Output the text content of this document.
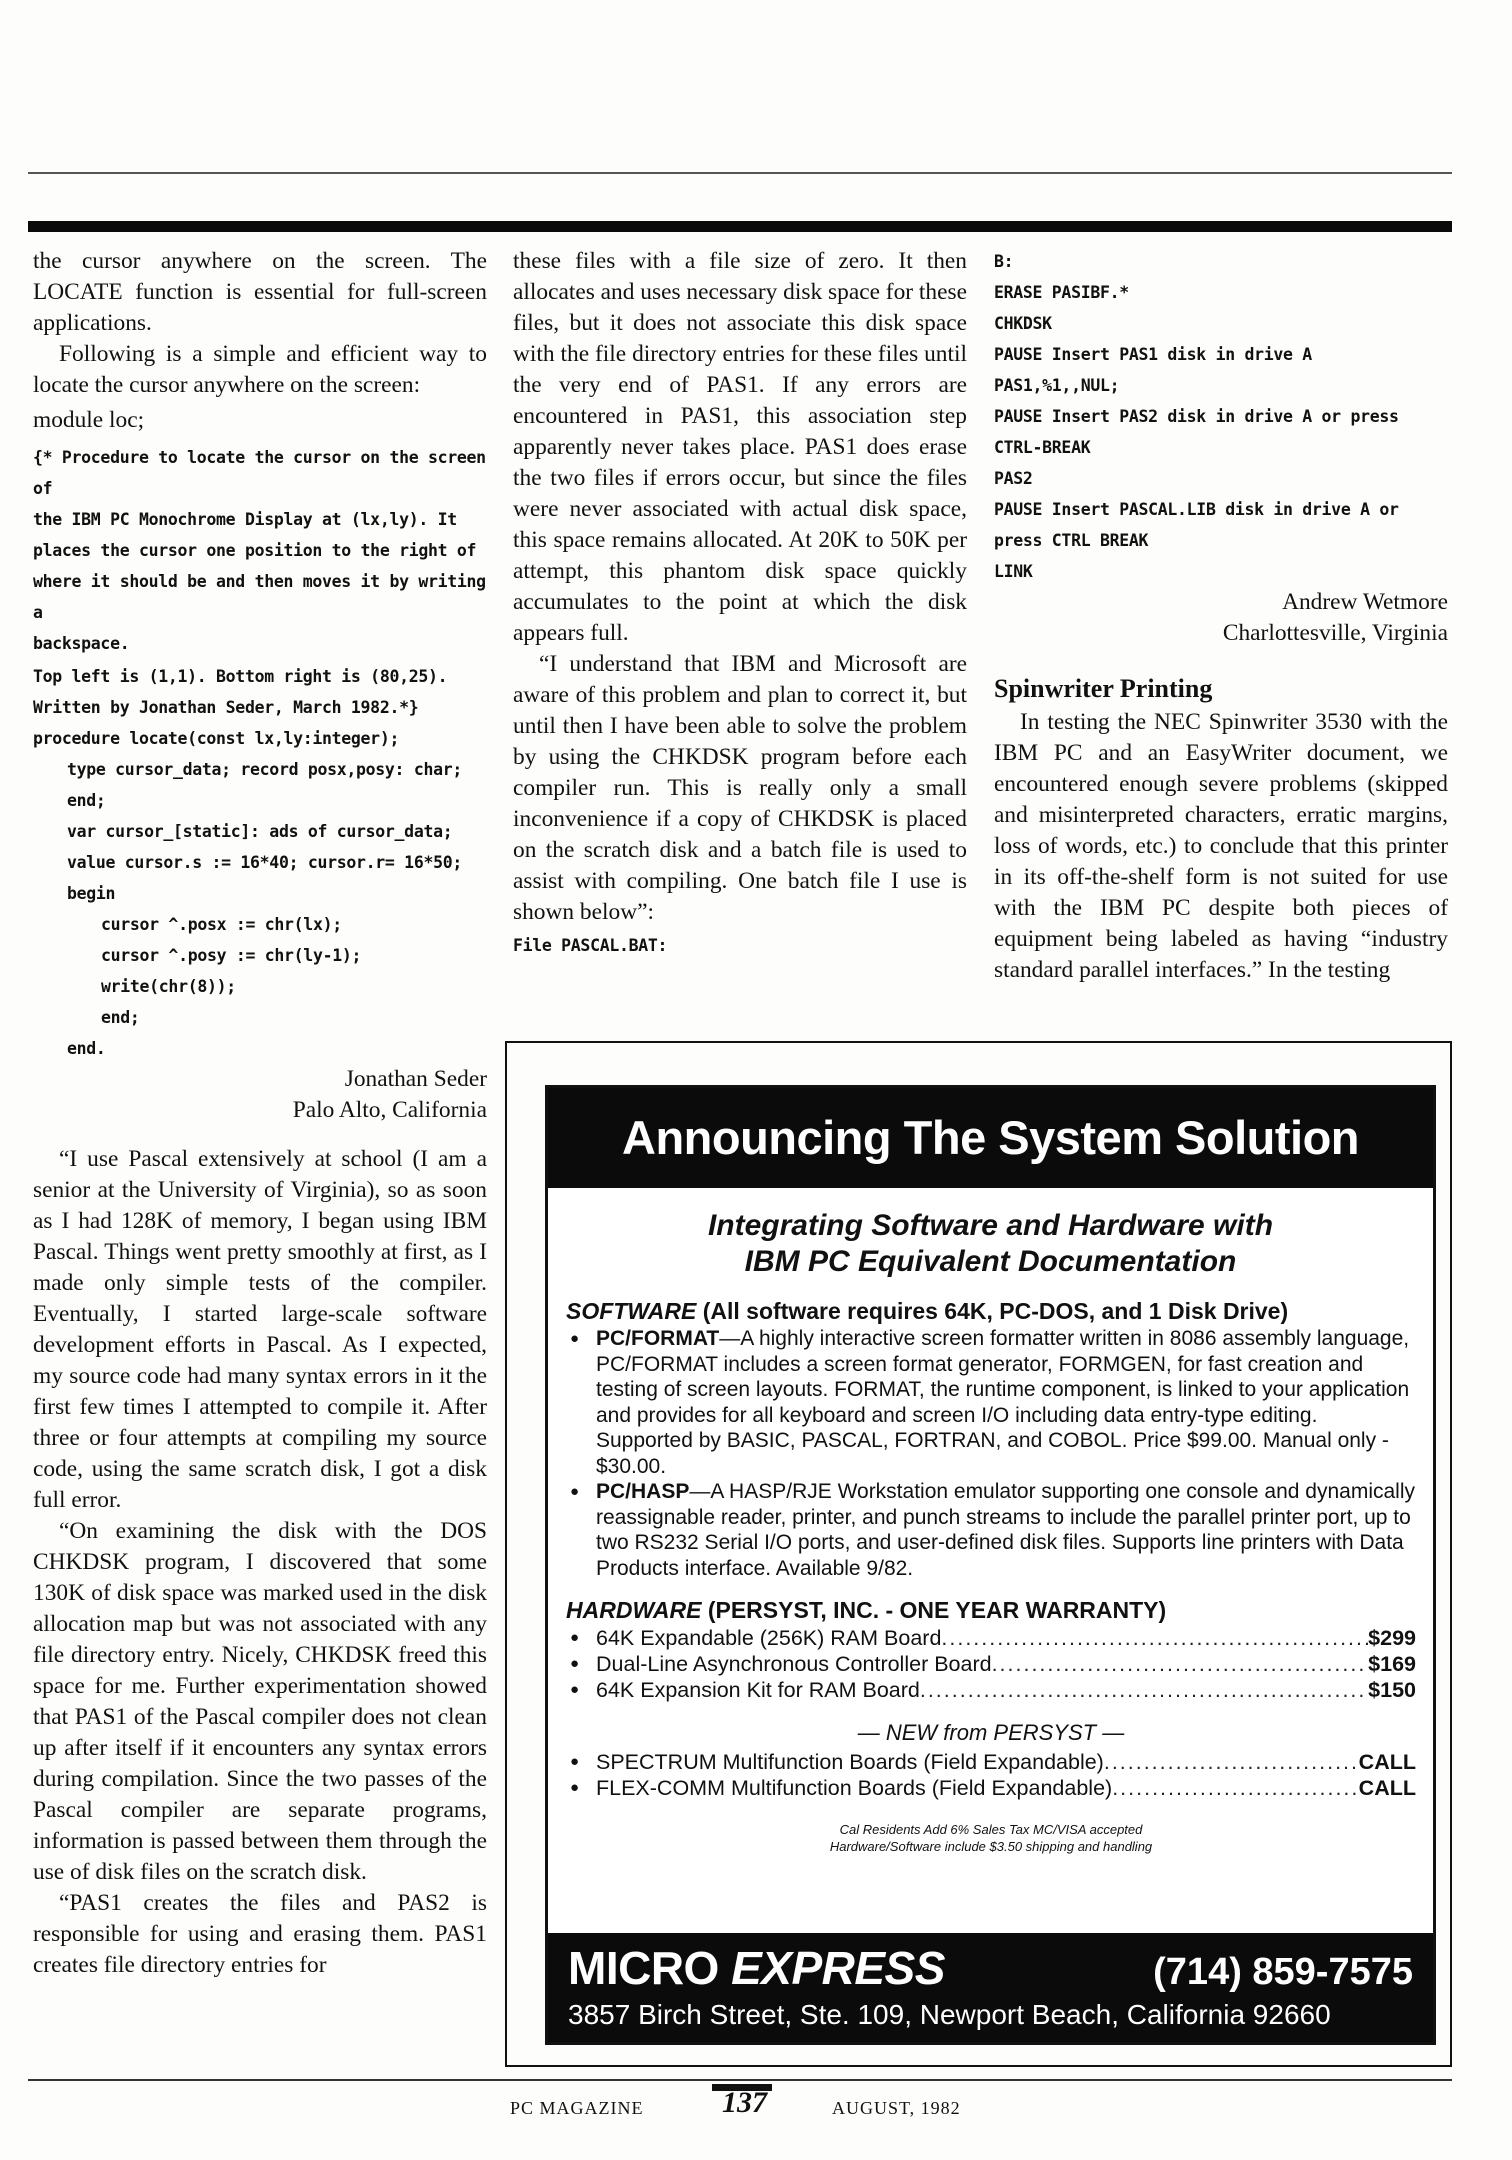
the cursor anywhere on the screen. The LOCATE function is essential for full-screen applications.

Following is a simple and efficient way to locate the cursor anywhere on the screen:

module loc;

{* Procedure to locate the cursor on the screen of
the IBM PC Monochrome Display at (lx,ly). It
places the cursor one position to the right of
where it should be and then moves it by writing a
backspace.
Top left is (1,1). Bottom right is (80,25).
Written by Jonathan Seder, March 1982.*}
procedure locate(const lx,ly:integer);
type cursor_data; record posx,posy: char;
end;
var cursor_[static]: ads of cursor_data;
value cursor.s := 16*40; cursor.r= 16*50;
begin
cursor ^.posx := chr(lx);
cursor ^.posy := chr(ly-1);
write(chr(8));
end;
end.

Jonathan Seder

Palo Alto, California

“I use Pascal extensively at school (I am a senior at the University of Virginia), so as soon as I had 128K of memory, I began using IBM Pascal. Things went pretty smoothly at first, as I made only simple tests of the compiler. Eventually, I started large-scale software development efforts in Pascal. As I expected, my source code had many syntax errors in it the first few times I attempted to compile it. After three or four attempts at compiling my source code, using the same scratch disk, I got a disk full error.

“On examining the disk with the DOS CHKDSK program, I discovered that some 130K of disk space was marked used in the disk allocation map but was not associated with any file directory entry. Nicely, CHKDSK freed this space for me. Further experimentation showed that PAS1 of the Pascal compiler does not clean up after itself if it encounters any syntax errors during compilation. Since the two passes of the Pascal compiler are separate programs, information is passed between them through the use of disk files on the scratch disk.

“PAS1 creates the files and PAS2 is responsible for using and erasing them. PAS1 creates file directory entries for

these files with a file size of zero. It then allocates and uses necessary disk space for these files, but it does not associate this disk space with the file directory entries for these files until the very end of PAS1. If any errors are encountered in PAS1, this association step apparently never takes place. PAS1 does erase the two files if errors occur, but since the files were never associated with actual disk space, this space remains allocated. At 20K to 50K per attempt, this phantom disk space quickly accumulates to the point at which the disk appears full.

“I understand that IBM and Microsoft are aware of this problem and plan to correct it, but until then I have been able to solve the problem by using the CHKDSK program before each compiler run. This is really only a small inconvenience if a copy of CHKDSK is placed on the scratch disk and a batch file is used to assist with compiling. One batch file I use is shown below”:

File PASCAL.BAT:
B:
ERASE PASIBF.*
CHKDSK
PAUSE Insert PAS1 disk in drive A
PAS1,%1,,NUL;
PAUSE Insert PAS2 disk in drive A or press
CTRL-BREAK
PAS2
PAUSE Insert PASCAL.LIB disk in drive A or
press CTRL BREAK
LINK

Andrew Wetmore

Charlottesville, Virginia

Spinwriter Printing

In testing the NEC Spinwriter 3530 with the IBM PC and an EasyWriter document, we encountered enough severe problems (skipped and misinterpreted characters, erratic margins, loss of words, etc.) to conclude that this printer in its off-the-shelf form is not suited for use with the IBM PC despite both pieces of equipment being labeled as having “industry standard parallel interfaces.” In the testing

Announcing The System Solution
Integrating Software and Hardware with
IBM PC Equivalent Documentation
SOFTWARE (All software requires 64K, PC-DOS, and 1 Disk Drive)
● PC/FORMAT—A highly interactive screen formatter written in 8086 assembly language, PC/FORMAT includes a screen format generator, FORMGEN, for fast creation and testing of screen layouts. FORMAT, the runtime component, is linked to your application and provides for all keyboard and screen I/O including data entry-type editing. Supported by BASIC, PASCAL, FORTRAN, and COBOL. Price $99.00. Manual only - $30.00.
● PC/HASP—A HASP/RJE Workstation emulator supporting one console and dynamically reassignable reader, printer, and punch streams to include the parallel printer port, up to two RS232 Serial I/O ports, and user-defined disk files. Supports line printers with Data Products interface. Available 9/82.
HARDWARE (PERSYST, INC. - ONE YEAR WARRANTY)
● 64K Expandable (256K) RAM Board .....	$299
● Dual-Line Asynchronous Controller Board .....	$169
● 64K Expansion Kit for RAM Board .....	$150
— NEW from PERSYST —
● SPECTRUM Multifunction Boards (Field Expandable) .....	CALL
● FLEX-COMM Multifunction Boards (Field Expandable) .....	CALL
Cal Residents Add 6% Sales Tax MC/VISA accepted
Hardware/Software include $3.50 shipping and handling
MICRO EXPRESS	(714) 859-7575
3857 Birch Street, Ste. 109, Newport Beach, California 92660
PC MAGAZINE	137	AUGUST, 1982
